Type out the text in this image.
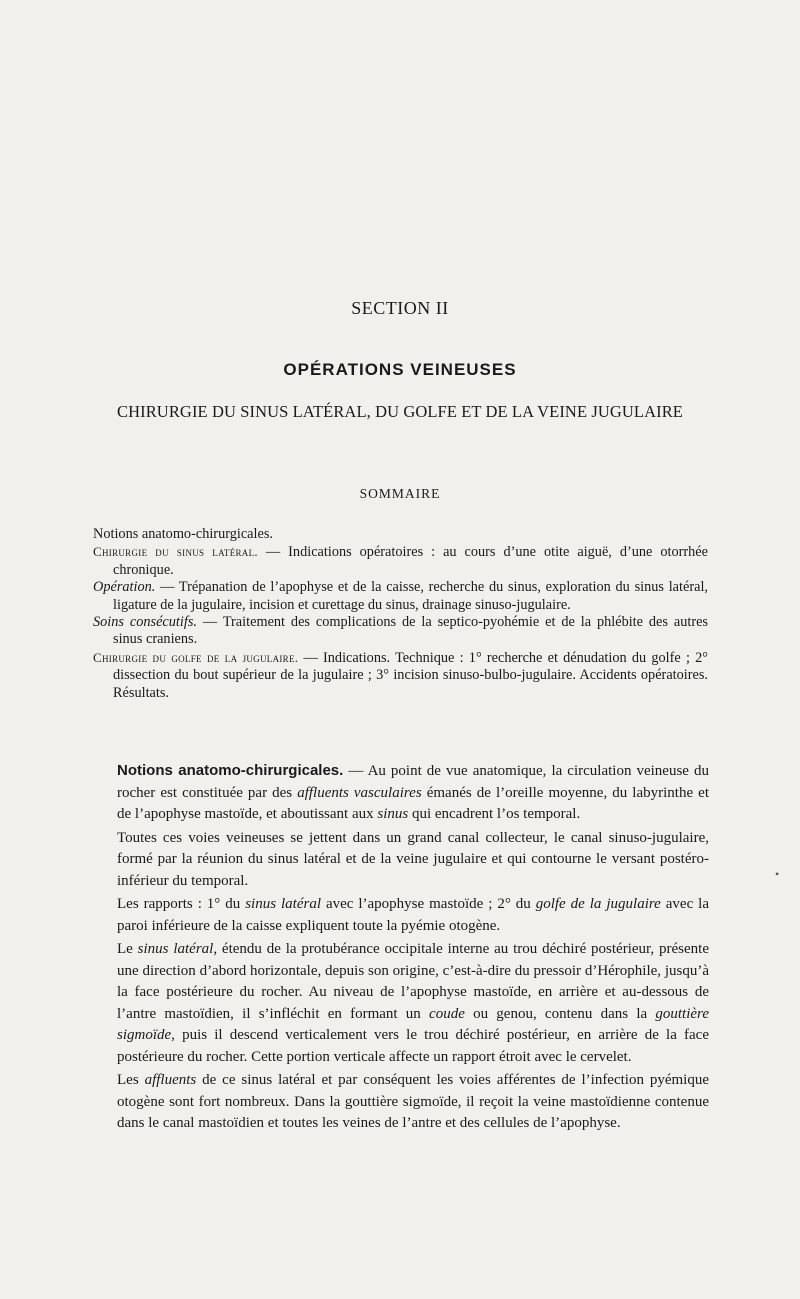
SECTION II
OPÉRATIONS VEINEUSES
CHIRURGIE DU SINUS LATÉRAL, DU GOLFE ET DE LA VEINE JUGULAIRE
SOMMAIRE

Notions anatomo-chirurgicales.

Chirurgie du sinus latéral. — Indications opératoires : au cours d’une otite aiguë, d’une otorrhée chronique.

Opération. — Trépanation de l’apophyse et de la caisse, recherche du sinus, exploration du sinus latéral, ligature de la jugulaire, incision et curettage du sinus, drainage sinuso-jugulaire.

Soins consécutifs. — Traitement des complications de la septico-pyohémie et de la phlébite des autres sinus craniens.

Chirurgie du golfe de la jugulaire. — Indications. Technique : 1° recherche et dénudation du golfe ; 2° dissection du bout supérieur de la jugulaire ; 3° incision sinuso-bulbo-jugulaire. Accidents opératoires. Résultats.

Notions anatomo-chirurgicales. — Au point de vue anatomique, la circulation veineuse du rocher est constituée par des affluents vasculaires émanés de l’oreille moyenne, du labyrinthe et de l’apophyse mastoïde, et aboutissant aux sinus qui encadrent l’os temporal.

Toutes ces voies veineuses se jettent dans un grand canal collecteur, le canal sinuso-jugulaire, formé par la réunion du sinus latéral et de la veine jugulaire et qui contourne le versant postéro-inférieur du temporal.

Les rapports : 1° du sinus latéral avec l’apophyse mastoïde ; 2° du golfe de la jugulaire avec la paroi inférieure de la caisse expliquent toute la pyémie otogène.

Le sinus latéral, étendu de la protubérance occipitale interne au trou déchiré postérieur, présente une direction d’abord horizontale, depuis son origine, c’est-à-dire du pressoir d’Hérophile, jusqu’à la face postérieure du rocher. Au niveau de l’apophyse mastoïde, en arrière et au-dessous de l’antre mastoïdien, il s’infléchit en formant un coude ou genou, contenu dans la gouttière sigmoïde, puis il descend verticalement vers le trou déchiré postérieur, en arrière de la face postérieure du rocher. Cette portion verticale affecte un rapport étroit avec le cervelet.

Les affluents de ce sinus latéral et par conséquent les voies afférentes de l’infection pyémique otogène sont fort nombreux. Dans la gouttière sigmoïde, il reçoit la veine mastoïdienne contenue dans le canal mastoïdien et toutes les veines de l’antre et des cellules de l’apophyse.

•
